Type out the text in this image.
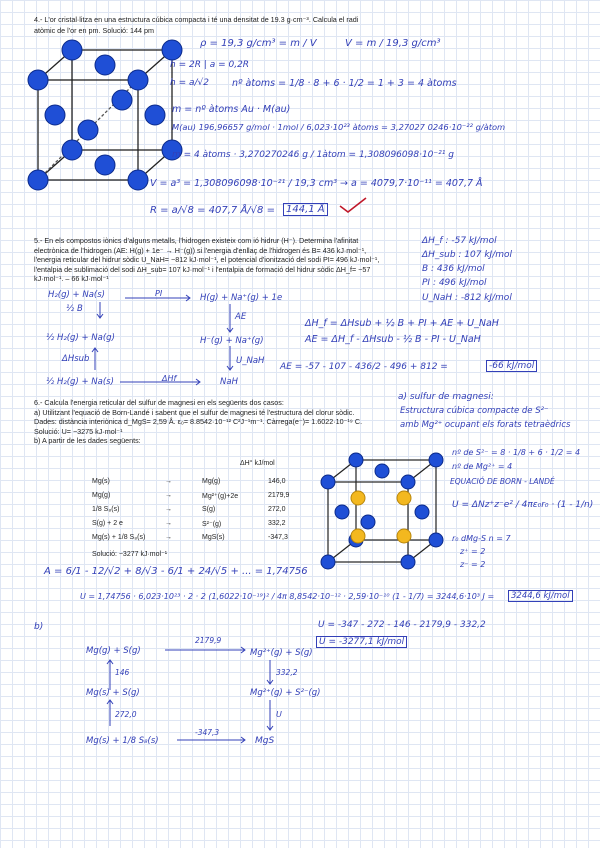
4.- L'or cristal·litza en una estructura cúbica compacta i té una densitat de 19.3 g·cm⁻³. Calcula el radi
atòmic de l'or en pm. Solució: 144 pm
ρ = 19,3 g/cm³ = m / V	V = m / 19,3 g/cm³
h = 2R | a = 0,2R
h = a/√2 nº àtoms = 1/8 · 8 + 6 · 1/2 = 1 + 3 = 4 àtoms
m = nº àtoms Au · M(au)
M(au) 196,96657 g/mol · 1mol / 6,023·10²³ àtoms = 3,27027 0246·10⁻²² g/àtom
m = 4 àtoms · 3,270270246 g / 1àtom = 1,308096098·10⁻²¹ g
V = a³ = 1,308096098·10⁻²¹ / 19,3 cm³ → a = 4079,7·10⁻¹¹ = 407,7 Å
R = a/√8 = 407,7 Å/√8 =	144,1 Å
5.- En els compostos iònics d'alguns metalls, l'hidrogen existeix com ió hidrur (H⁻). Determina l'afinitat
electrònica de l'hidrogen (AE: H(g) + 1e⁻ → H⁻(g)) si l'energia d'enllaç de l'hidrogen és B= 436 kJ·mol⁻¹,
l'energia reticular del hidrur sòdic U_NaH= −812 kJ·mol⁻¹, el potencial d'ionització del sodi PI= 496 kJ·mol⁻¹,
l'entalpia de sublimació del sodi ΔH_sub= 107 kJ·mol⁻¹ i l'entalpia de formació del hidrur sòdic ΔH_f= −57
kJ·mol⁻¹. – 66 kJ·mol⁻¹
ΔH_f : -57 kJ/mol
ΔH_sub : 107 kJ/mol
B : 436 kJ/mol
PI : 496 kJ/mol
U_NaH : -812 kJ/mol
H₂(g) + Na(s)	PI	H(g) + Na⁺(g) + 1e
½ B
AE
½ H₂(g) + Na(g)	H⁻(g) + Na⁺(g)
ΔHsub	U_NaH
½ H₂(g) + Na(s)	ΔHf	NaH
ΔH_f = ΔHsub + ½ B + PI + AE + U_NaH
AE = ΔH_f - ΔHsub - ½ B - PI - U_NaH
AE = -57 - 107 - 436/2 - 496 + 812 =	-66 kJ/mol
6.- Calcula l'energia reticular del sulfur de magnesi en els següents dos casos:
a) Utilitzant l'equació de Born-Landé i sabent que el sulfur de magnesi té l'estructura del clorur sòdic.
Dades: distància interiònica d_MgS= 2,59 Å. ε₀= 8.8542·10⁻¹² C²J⁻¹m⁻¹. Càrrega(e⁻)= 1.6022·10⁻¹⁹ C.
Solució: U= −3275 kJ·mol⁻¹
b) A partir de les dades següents:
ΔH° kJ/mol
Mg(s)	→	Mg(g)	146,0
Mg(g)	→	Mg²⁺(g)+2e	2179,9
1/8 S₈(s)	→	S(g)	272,0
S(g) + 2 e	→	S²⁻(g)	332,2
Mg(s) + 1/8 S₈(s)	→	MgS(s)	-347,3
Solució: −3277 kJ·mol⁻¹
a) sulfur de magnesi:
Estructura cúbica compacte de S²⁻
amb Mg²⁺ ocupant els forats tetraèdrics
nº de S²⁻ = 8 · 1/8 + 6 · 1/2 = 4
nº de Mg²⁺ = 4
EQUACIÓ DE BORN - LANDÉ
U = ΔNz⁺z⁻e² / 4πε₀r₀ · (1 - 1/n)
r₀ dMg-S n = 7
z⁺ = 2
z⁻ = 2
A = 6/1 - 12/√2 + 8/√3 - 6/1 + 24/√5 + ... = 1,74756
U = 1,74756 · 6,023·10²³ · 2 · 2 (1,6022·10⁻¹⁹)² / 4π 8,8542·10⁻¹² · 2,59·10⁻¹⁰ (1 - 1/7) = 3244,6·10³ J =	3244,6 kJ/mol
b)	U = -347 - 272 - 146 - 2179,9 - 332,2
U = -3277,1 kJ/mol
Mg(g) + S(g)
2179,9
Mg²⁺(g) + S(g)
146	332,2
Mg(s) + S(g)	Mg²⁺(g) + S²⁻(g)
272,0	U
Mg(s) + 1/8 S₈(s)
-347,3
MgS
